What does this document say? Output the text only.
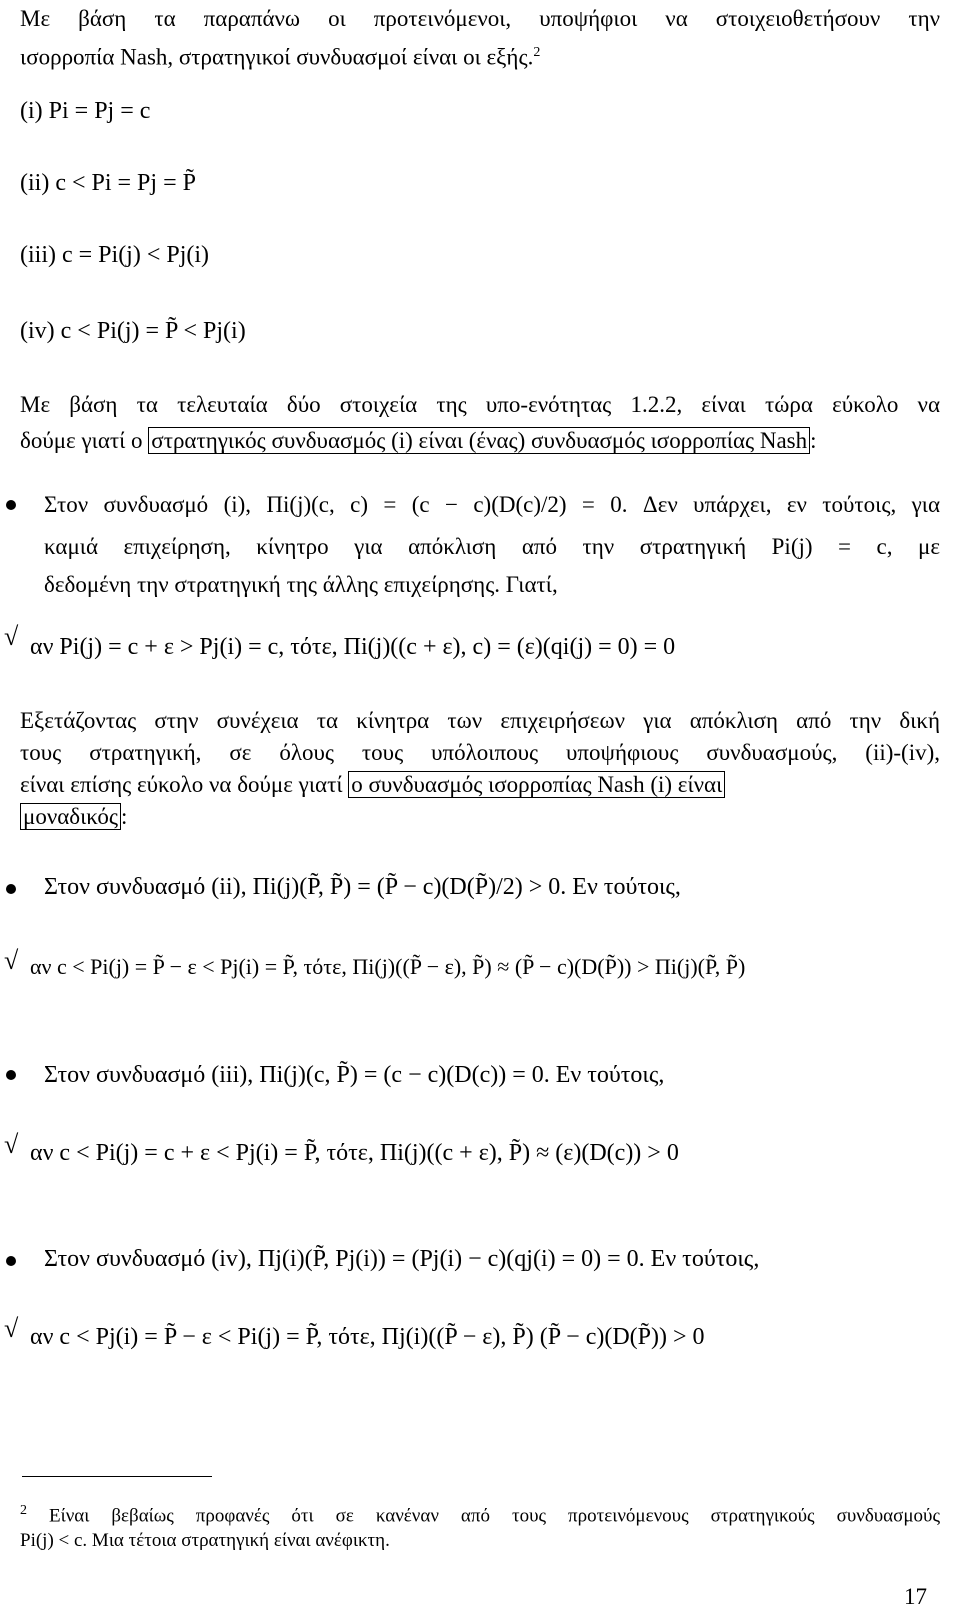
Με βάση τα παραπάνω οι προτεινόμενοι, υποψήφιοι να στοιχειοθετήσουν την
ισορροπία Nash, στρατηγικοί συνδυασμοί είναι οι εξής.$^2$
(i) Pi = Pj = c
(ii) c < Pi = Pj = P̃
(iii) c = Pi(j) < Pj(i)
(iv) c < Pi(j) = P̃ < Pj(i)
Με βάση τα τελευταία δύο στοιχεία της υπο-ενότητας 1.2.2, είναι τώρα εύκολο να
δούμε γιατί ο στρατηγικός συνδυασμός (i) είναι (ένας) συνδυασμός ισορροπίας Nash :
Στον συνδυασμό (i), Πi(j)(c, c) = (c − c)(D(c)/2) = 0. Δεν υπάρχει, εν τούτοις, για
καμιά επιχείρηση, κίνητρο για απόκλιση από την στρατηγική Pi(j) = c, με
δεδομένη την στρατηγική της άλλης επιχείρησης. Γιατί,
√ αν Pi(j) = c + ε > Pj(i) = c, τότε, Πi(j)((c + ε), c) = (ε)(qi(j) = 0) = 0
Εξετάζοντας στην συνέχεια τα κίνητρα των επιχειρήσεων για απόκλιση από την δική
τους στρατηγική, σε όλους τους υπόλοιπους υποψήφιους συνδυασμούς, (ii)-(iv),
είναι επίσης εύκολο να δούμε γιατί ο συνδυασμός ισορροπίας Nash (i) είναι
μοναδικός :
Στον συνδυασμό (ii), Πi(j)(P̃, P̃) = (P̃ − c)(D(P̃)/2) > 0. Εν τούτοις,
√ αν c < Pi(j) = P̃ − ε < Pj(i) = P̃, τότε, Πi(j)((P̃ − ε), P̃) ≈ (P̃ − c)(D(P̃)) > Πi(j)(P̃, P̃)
Στον συνδυασμό (iii), Πi(j)(c, P̃) = (c − c)(D(c)) = 0. Εν τούτοις,
√ αν c < Pi(j) = c + ε < Pj(i) = P̃, τότε, Πi(j)((c + ε), P̃) ≈ (ε)(D(c)) > 0
Στον συνδυασμό (iv), Πj(i)(P̃, Pj(i)) = (Pj(i) − c)(qj(i) = 0) = 0. Εν τούτοις,
√ αν c < Pj(i) = P̃ − ε < Pi(j) = P̃, τότε, Πj(i)((P̃ − ε), P̃) (P̃ − c)(D(P̃)) > 0
$^2$ Είναι βεβαίως προφανές ότι σε κανέναν από τους προτεινόμενους στρατηγικούς συνδυασμούς
Pi(j) < c. Μια τέτοια στρατηγική είναι ανέφικτη.
17
